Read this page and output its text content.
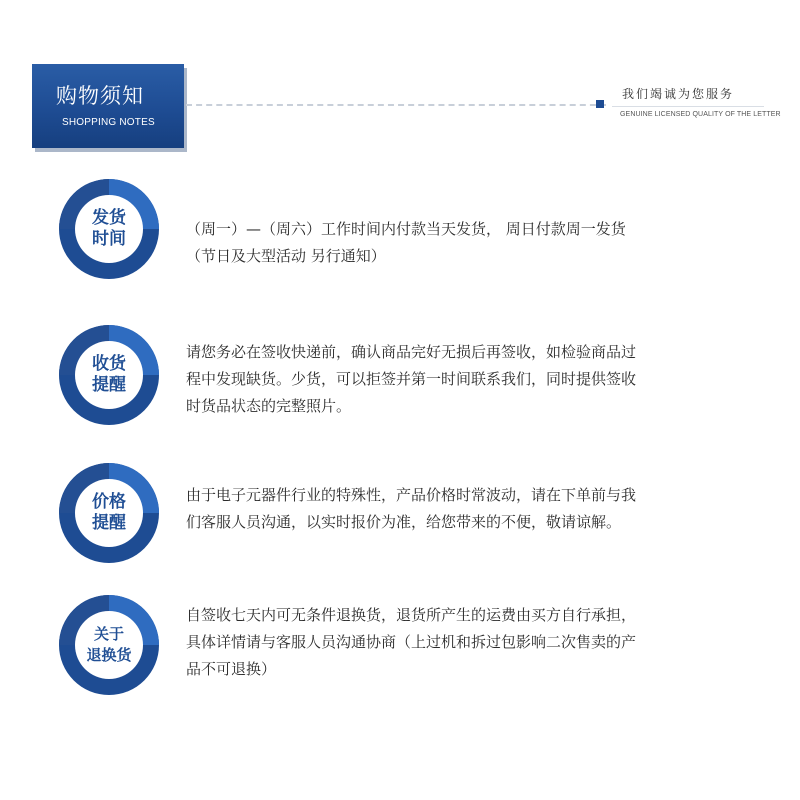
购物须知
SHOPPING NOTES
我们竭诚为您服务
GENUINE LICENSED QUALITY OF THE LETTER
发货
时间	（周一）—（周六）工作时间内付款当天发货， 周日付款周一发货
（节日及大型活动 另行通知）
收货
提醒
请您务必在签收快递前，确认商品完好无损后再签收，如检验商品过
程中发现缺货。少货，可以拒签并第一时间联系我们，同时提供签收
时货品状态的完整照片。
价格
提醒
由于电子元器件行业的特殊性，产品价格时常波动，请在下单前与我
们客服人员沟通，以实时报价为准，给您带来的不便，敬请谅解。
关于
退换货
自签收七天内可无条件退换货，退货所产生的运费由买方自行承担，
具体详情请与客服人员沟通协商（上过机和拆过包影响二次售卖的产
品不可退换）
